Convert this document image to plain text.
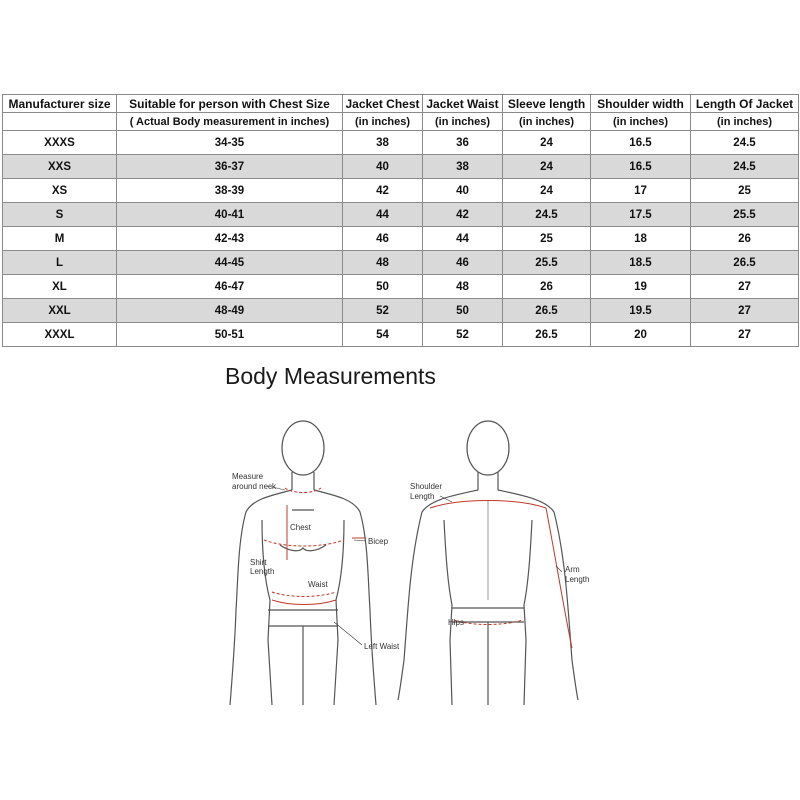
Manufacturer size	Suitable for person with Chest Size	Jacket Chest	Jacket Waist	Sleeve length	Shoulder width	Length Of Jacket
	( Actual Body measurement in inches)	(in inches)	(in inches)	(in inches)	(in inches)	(in inches)
XXXS	34-35	38	36	24	16.5	24.5
XXS	36-37	40	38	24	16.5	24.5
XS	38-39	42	40	24	17	25
S	40-41	44	42	24.5	17.5	25.5
M	42-43	46	44	25	18	26
L	44-45	48	46	25.5	18.5	26.5
XL	46-47	50	48	26	19	27
XXL	48-49	52	50	26.5	19.5	27
XXXL	50-51	54	52	26.5	20	27
Body Measurements
Measure
around neck
Chest
Bicep
Shirt
Length
Waist
Left Waist
Shoulder
Length
Arm
Length
Hips
